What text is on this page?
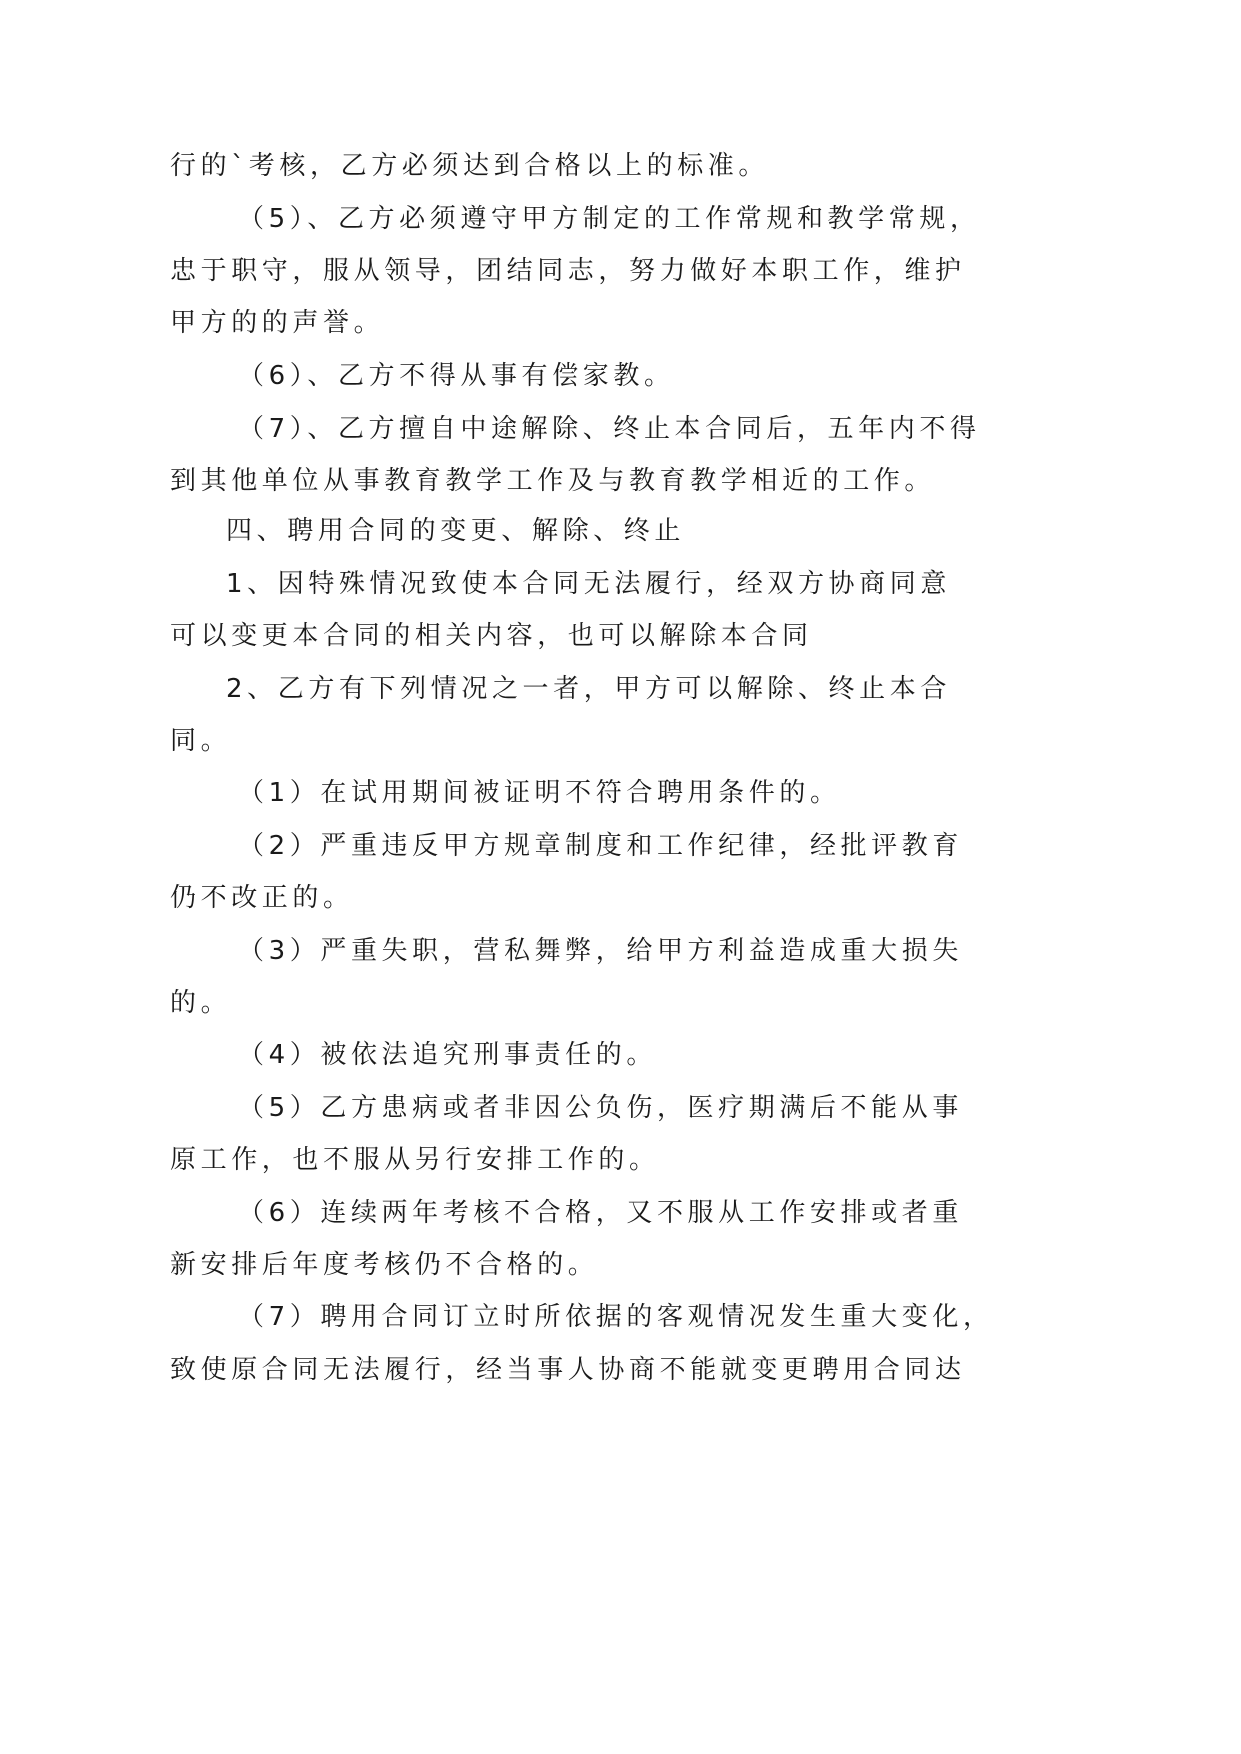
行的`考核，乙方必须达到合格以上的标准。
（5）、乙方必须遵守甲方制定的工作常规和教学常规，
忠于职守，服从领导，团结同志，努力做好本职工作，维护
甲方的的声誉。
（6）、乙方不得从事有偿家教。
（7）、乙方擅自中途解除、终止本合同后，五年内不得
到其他单位从事教育教学工作及与教育教学相近的工作。
四、聘用合同的变更、解除、终止
1、因特殊情况致使本合同无法履行，经双方协商同意
可以变更本合同的相关内容，也可以解除本合同
2、乙方有下列情况之一者，甲方可以解除、终止本合
同。
（1）在试用期间被证明不符合聘用条件的。
（2）严重违反甲方规章制度和工作纪律，经批评教育
仍不改正的。
（3）严重失职，营私舞弊，给甲方利益造成重大损失
的。
（4）被依法追究刑事责任的。
（5）乙方患病或者非因公负伤，医疗期满后不能从事
原工作，也不服从另行安排工作的。
（6）连续两年考核不合格，又不服从工作安排或者重
新安排后年度考核仍不合格的。
（7）聘用合同订立时所依据的客观情况发生重大变化，
致使原合同无法履行，经当事人协商不能就变更聘用合同达
